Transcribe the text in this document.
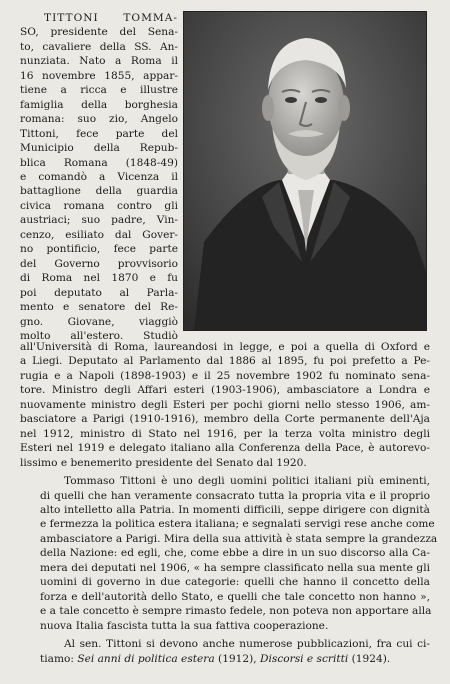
TITTONI TOMMA-
SO, presidente del Sena-
to, cavaliere della SS. An-
nunziata. Nato a Roma il
16 novembre 1855, appar-
tiene a ricca e illustre
famiglia della borghesia
romana: suo zio, Angelo
Tittoni, fece parte del
Municipio della Repub-
blica Romana (1848-49)
e comandò a Vicenza il
battaglione della guardia
civica romana contro gli
austriaci; suo padre, Vin-
cenzo, esiliato dal Gover-
no pontificio, fece parte
del Governo provvisorio
di Roma nel 1870 e fu
poi deputato al Parla-
mento e senatore del Re-
gno. Giovane, viaggiò
molto all'estero. Studiò

all'Università di Roma, laureandosi in legge, e poi a quella di Oxford e
a Liegi. Deputato al Parlamento dal 1886 al 1895, fu poi prefetto a Pe-
rugia e a Napoli (1898-1903) e il 25 novembre 1902 fu nominato sena-
tore. Ministro degli Affari esteri (1903-1906), ambasciatore a Londra e
nuovamente ministro degli Esteri per pochi giorni nello stesso 1906, am-
basciatore a Parigi (1910-1916), membro della Corte permanente dell'Aja
nel 1912, ministro di Stato nel 1916, per la terza volta ministro degli
Esteri nel 1919 e delegato italiano alla Conferenza della Pace, è autorevo-
lissimo e benemerito presidente del Senato dal 1920.

Tommaso Tittoni è uno degli uomini politici italiani più eminenti,
di quelli che han veramente consacrato tutta la propria vita e il proprio
alto intelletto alla Patria. In momenti difficili, seppe dirigere con dignità
e fermezza la politica estera italiana; e segnalati servigi rese anche come
ambasciatore a Parigi. Mira della sua attività è stata sempre la grandezza
della Nazione: ed egli, che, come ebbe a dire in un suo discorso alla Ca-
mera dei deputati nel 1906, « ha sempre classificato nella sua mente gli
uomini di governo in due categorie: quelli che hanno il concetto della
forza e dell'autorità dello Stato, e quelli che tale concetto non hanno »,
e a tale concetto è sempre rimasto fedele, non poteva non apportare alla
nuova Italia fascista tutta la sua fattiva cooperazione.

Al sen. Tittoni si devono anche numerose pubblicazioni, fra cui ci-
tiamo: Sei anni di politica estera (1912), Discorsi e scritti (1924).
